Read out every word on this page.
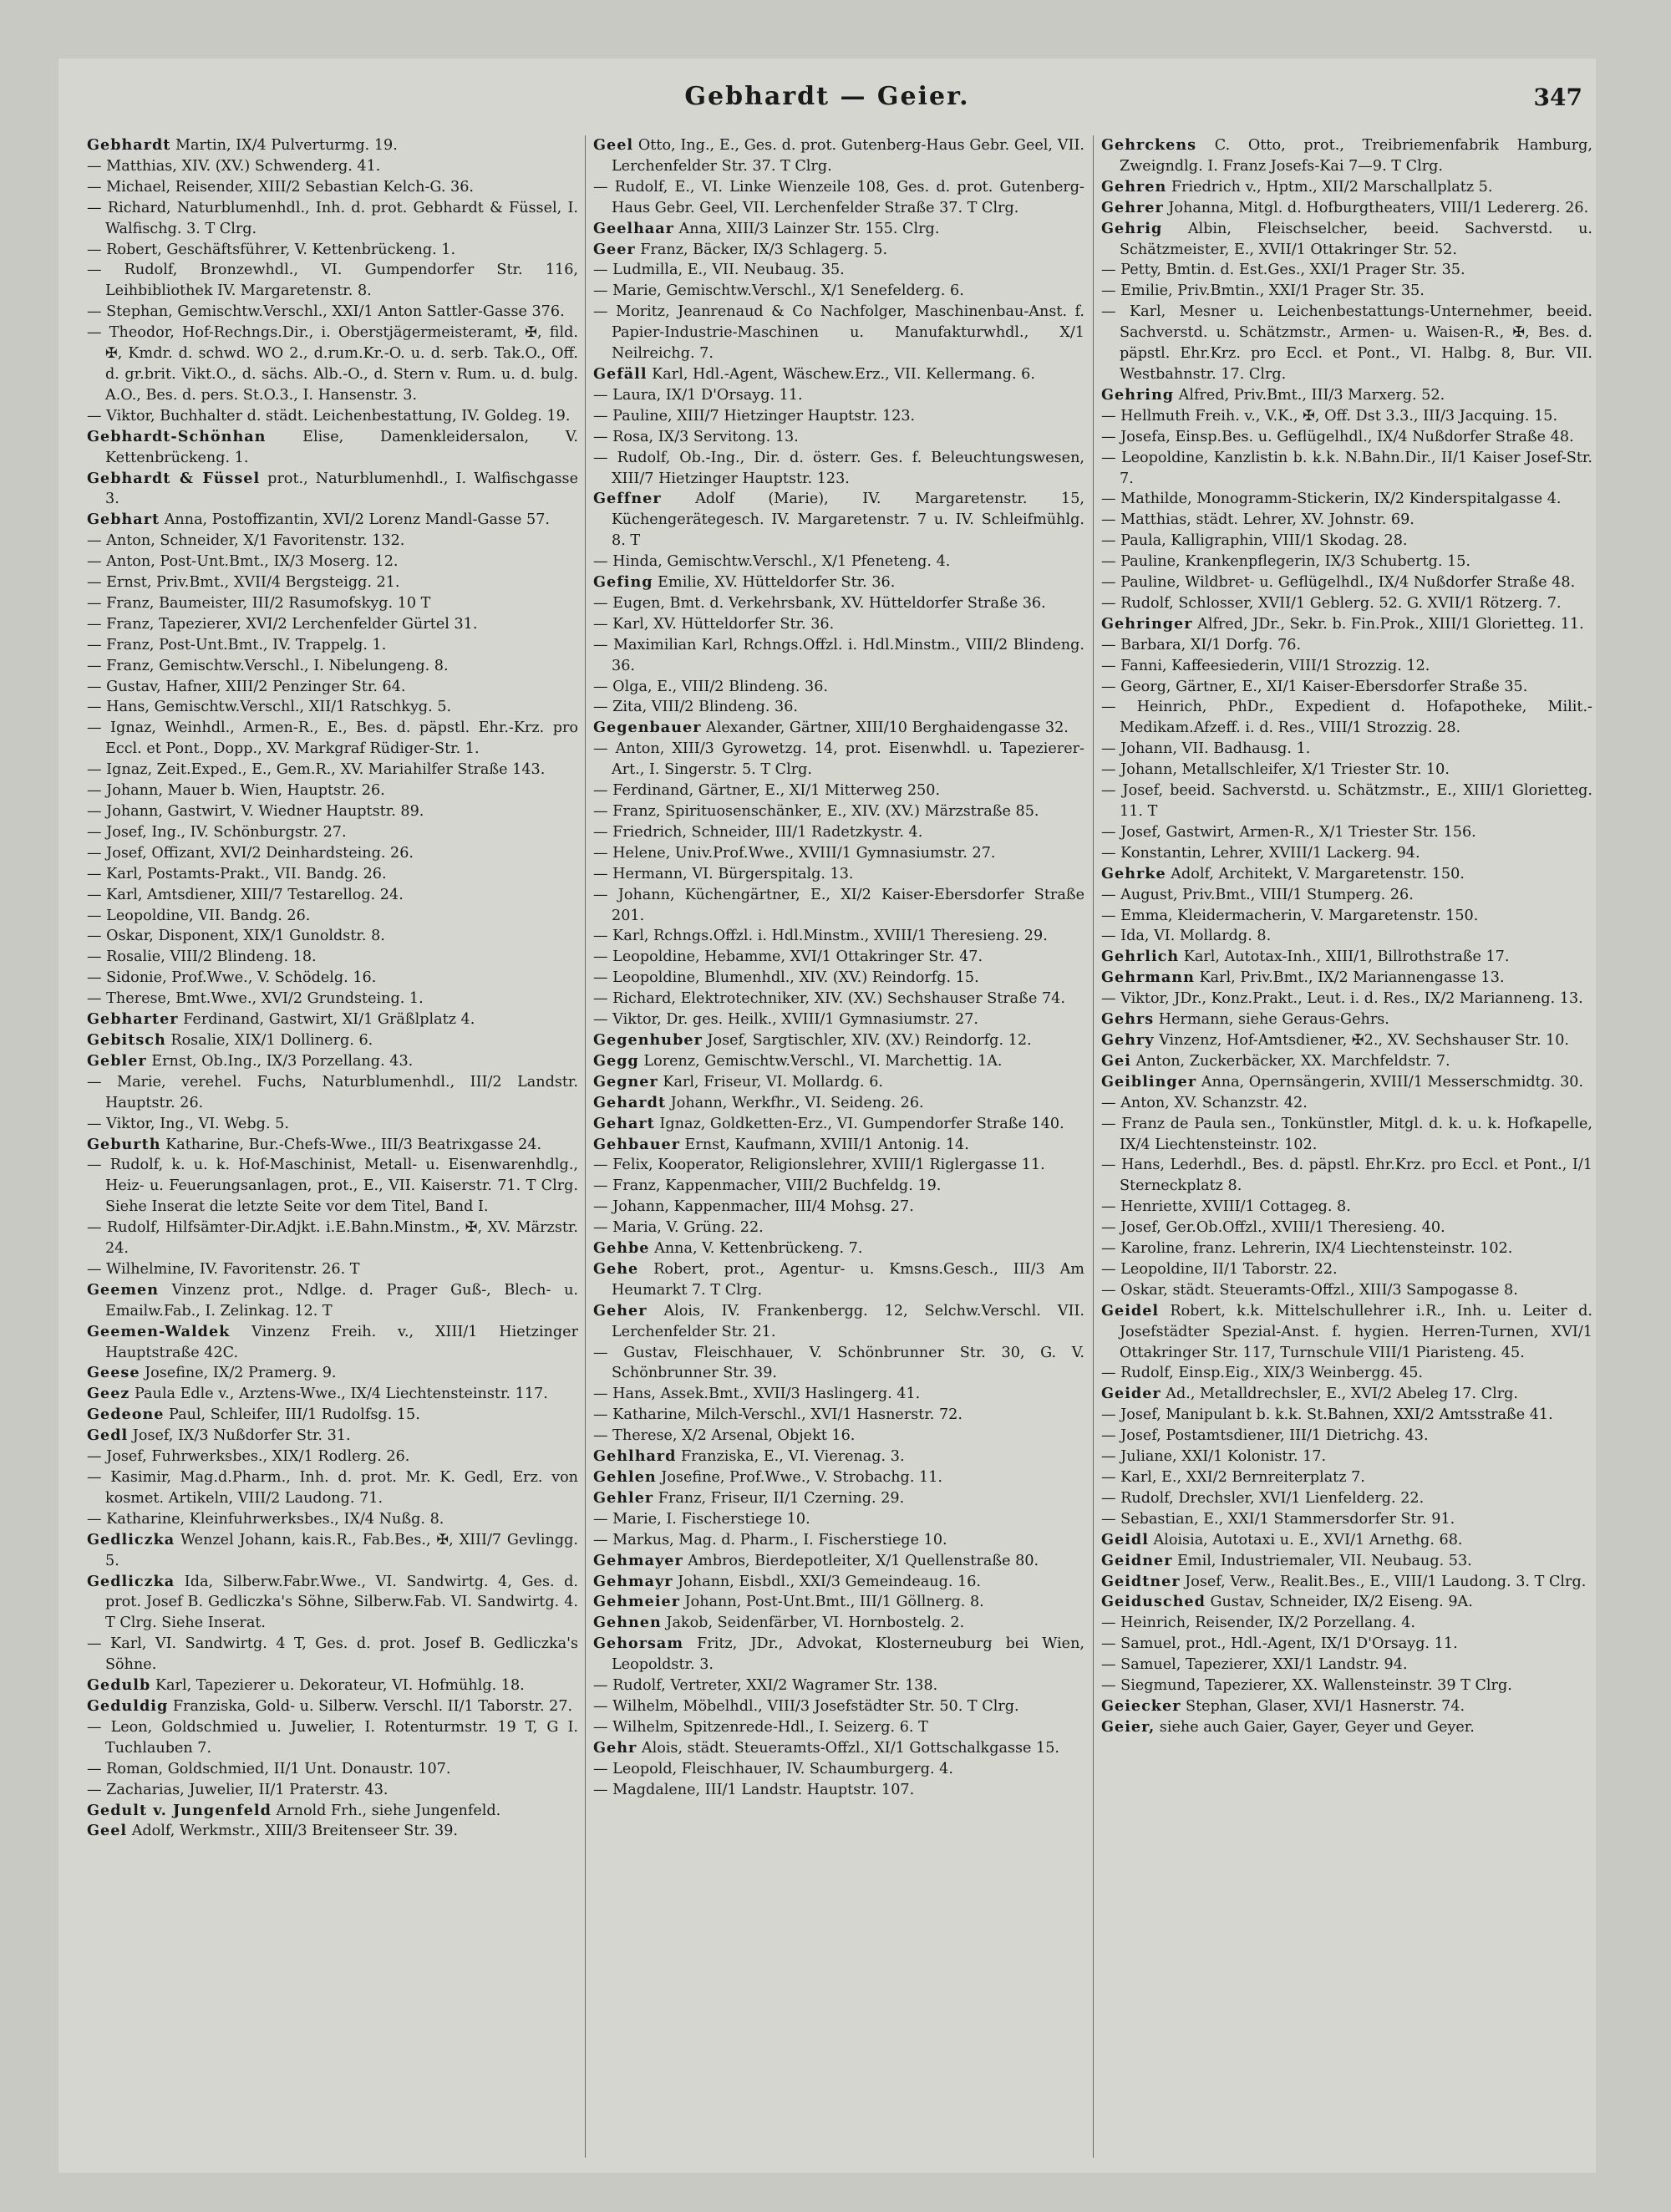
Gebhardt — Geier.	347

Gebhardt Martin, IX/4 Pulverturmg. 19.

— Matthias, XIV. (XV.) Schwenderg. 41.

— Michael, Reisender, XIII/2 Sebastian Kelch-G. 36.

— Richard, Naturblumenhdl., Inh. d. prot. Gebhardt & Füssel, I. Walfischg. 3. T Clrg.

— Robert, Geschäftsführer, V. Kettenbrückeng. 1.

— Rudolf, Bronzewhdl., VI. Gumpendorfer Str. 116, Leihbibliothek IV. Margaretenstr. 8.

— Stephan, Gemischtw.Verschl., XXI/1 Anton Sattler-Gasse 376.

— Theodor, Hof-Rechngs.Dir., i. Oberstjägermeisteramt, ✠, fild. ✠, Kmdr. d. schwd. WO 2., d.rum.Kr.-O. u. d. serb. Tak.O., Off. d. gr.brit. Vikt.O., d. sächs. Alb.-O., d. Stern v. Rum. u. d. bulg. A.O., Bes. d. pers. St.O.3., I. Hansenstr. 3.

— Viktor, Buchhalter d. städt. Leichenbestattung, IV. Goldeg. 19.

Gebhardt-Schönhan Elise, Damenkleidersalon, V. Kettenbrückeng. 1.

Gebhardt & Füssel prot., Naturblumenhdl., I. Walfischgasse 3.

Gebhart Anna, Postoffizantin, XVI/2 Lorenz Mandl-Gasse 57.

— Anton, Schneider, X/1 Favoritenstr. 132.

— Anton, Post-Unt.Bmt., IX/3 Moserg. 12.

— Ernst, Priv.Bmt., XVII/4 Bergsteigg. 21.

— Franz, Baumeister, III/2 Rasumofskyg. 10 T

— Franz, Tapezierer, XVI/2 Lerchenfelder Gürtel 31.

— Franz, Post-Unt.Bmt., IV. Trappelg. 1.

— Franz, Gemischtw.Verschl., I. Nibelungeng. 8.

— Gustav, Hafner, XIII/2 Penzinger Str. 64.

— Hans, Gemischtw.Verschl., XII/1 Ratschkyg. 5.

— Ignaz, Weinhdl., Armen-R., E., Bes. d. päpstl. Ehr.-Krz. pro Eccl. et Pont., Dopp., XV. Markgraf Rüdiger-Str. 1.

— Ignaz, Zeit.Exped., E., Gem.R., XV. Mariahilfer Straße 143.

— Johann, Mauer b. Wien, Hauptstr. 26.

— Johann, Gastwirt, V. Wiedner Hauptstr. 89.

— Josef, Ing., IV. Schönburgstr. 27.

— Josef, Offizant, XVI/2 Deinhardsteing. 26.

— Karl, Postamts-Prakt., VII. Bandg. 26.

— Karl, Amtsdiener, XIII/7 Testarellog. 24.

— Leopoldine, VII. Bandg. 26.

— Oskar, Disponent, XIX/1 Gunoldstr. 8.

— Rosalie, VIII/2 Blindeng. 18.

— Sidonie, Prof.Wwe., V. Schödelg. 16.

— Therese, Bmt.Wwe., XVI/2 Grundsteing. 1.

Gebharter Ferdinand, Gastwirt, XI/1 Gräßlplatz 4.

Gebitsch Rosalie, XIX/1 Dollinerg. 6.

Gebler Ernst, Ob.Ing., IX/3 Porzellang. 43.

— Marie, verehel. Fuchs, Naturblumenhdl., III/2 Landstr. Hauptstr. 26.

— Viktor, Ing., VI. Webg. 5.

Geburth Katharine, Bur.-Chefs-Wwe., III/3 Beatrixgasse 24.

— Rudolf, k. u. k. Hof-Maschinist, Metall- u. Eisenwarenhdlg., Heiz- u. Feuerungsanlagen, prot., E., VII. Kaiserstr. 71. T Clrg. Siehe Inserat die letzte Seite vor dem Titel, Band I.

— Rudolf, Hilfsämter-Dir.Adjkt. i.E.Bahn.Minstm., ✠, XV. Märzstr. 24.

— Wilhelmine, IV. Favoritenstr. 26. T

Geemen Vinzenz prot., Ndlge. d. Prager Guß-, Blech- u. Emailw.Fab., I. Zelinkag. 12. T

Geemen-Waldek Vinzenz Freih. v., XIII/1 Hietzinger Hauptstraße 42C.

Geese Josefine, IX/2 Pramerg. 9.

Geez Paula Edle v., Arztens-Wwe., IX/4 Liechtensteinstr. 117.

Gedeone Paul, Schleifer, III/1 Rudolfsg. 15.

Gedl Josef, IX/3 Nußdorfer Str. 31.

— Josef, Fuhrwerksbes., XIX/1 Rodlerg. 26.

— Kasimir, Mag.d.Pharm., Inh. d. prot. Mr. K. Gedl, Erz. von kosmet. Artikeln, VIII/2 Laudong. 71.

— Katharine, Kleinfuhrwerksbes., IX/4 Nußg. 8.

Gedliczka Wenzel Johann, kais.R., Fab.Bes., ✠, XIII/7 Gevlingg. 5.

Gedliczka Ida, Silberw.Fabr.Wwe., VI. Sandwirtg. 4, Ges. d. prot. Josef B. Gedliczka's Söhne, Silberw.Fab. VI. Sandwirtg. 4. T Clrg. Siehe Inserat.

— Karl, VI. Sandwirtg. 4 T, Ges. d. prot. Josef B. Gedliczka's Söhne.

Gedulb Karl, Tapezierer u. Dekorateur, VI. Hofmühlg. 18.

Geduldig Franziska, Gold- u. Silberw. Verschl. II/1 Taborstr. 27.

— Leon, Goldschmied u. Juwelier, I. Rotenturmstr. 19 T, G I. Tuchlauben 7.

— Roman, Goldschmied, II/1 Unt. Donaustr. 107.

— Zacharias, Juwelier, II/1 Praterstr. 43.

Gedult v. Jungenfeld Arnold Frh., siehe Jungenfeld.

Geel Adolf, Werkmstr., XIII/3 Breitenseer Str. 39.

Geel Otto, Ing., E., Ges. d. prot. Gutenberg-Haus Gebr. Geel, VII. Lerchenfelder Str. 37. T Clrg.

— Rudolf, E., VI. Linke Wienzeile 108, Ges. d. prot. Gutenberg-Haus Gebr. Geel, VII. Lerchenfelder Straße 37. T Clrg.

Geelhaar Anna, XIII/3 Lainzer Str. 155. Clrg.

Geer Franz, Bäcker, IX/3 Schlagerg. 5.

— Ludmilla, E., VII. Neubaug. 35.

— Marie, Gemischtw.Verschl., X/1 Senefelderg. 6.

— Moritz, Jeanrenaud & Co Nachfolger, Maschinenbau-Anst. f. Papier-Industrie-Maschinen u. Manufakturwhdl., X/1 Neilreichg. 7.

Gefäll Karl, Hdl.-Agent, Wäschew.Erz., VII. Kellermang. 6.

— Laura, IX/1 D'Orsayg. 11.

— Pauline, XIII/7 Hietzinger Hauptstr. 123.

— Rosa, IX/3 Servitong. 13.

— Rudolf, Ob.-Ing., Dir. d. österr. Ges. f. Beleuchtungswesen, XIII/7 Hietzinger Hauptstr. 123.

Geffner Adolf (Marie), IV. Margaretenstr. 15, Küchengerätegesch. IV. Margaretenstr. 7 u. IV. Schleifmühlg. 8. T

— Hinda, Gemischtw.Verschl., X/1 Pfeneteng. 4.

Gefing Emilie, XV. Hütteldorfer Str. 36.

— Eugen, Bmt. d. Verkehrsbank, XV. Hütteldorfer Straße 36.

— Karl, XV. Hütteldorfer Str. 36.

— Maximilian Karl, Rchngs.Offzl. i. Hdl.Minstm., VIII/2 Blindeng. 36.

— Olga, E., VIII/2 Blindeng. 36.

— Zita, VIII/2 Blindeng. 36.

Gegenbauer Alexander, Gärtner, XIII/10 Berghaidengasse 32.

— Anton, XIII/3 Gyrowetzg. 14, prot. Eisenwhdl. u. Tapezierer-Art., I. Singerstr. 5. T Clrg.

— Ferdinand, Gärtner, E., XI/1 Mitterweg 250.

— Franz, Spirituosenschänker, E., XIV. (XV.) Märzstraße 85.

— Friedrich, Schneider, III/1 Radetzkystr. 4.

— Helene, Univ.Prof.Wwe., XVIII/1 Gymnasiumstr. 27.

— Hermann, VI. Bürgerspitalg. 13.

— Johann, Küchengärtner, E., XI/2 Kaiser-Ebersdorfer Straße 201.

— Karl, Rchngs.Offzl. i. Hdl.Minstm., XVIII/1 Theresieng. 29.

— Leopoldine, Hebamme, XVI/1 Ottakringer Str. 47.

— Leopoldine, Blumenhdl., XIV. (XV.) Reindorfg. 15.

— Richard, Elektrotechniker, XIV. (XV.) Sechshauser Straße 74.

— Viktor, Dr. ges. Heilk., XVIII/1 Gymnasiumstr. 27.

Gegenhuber Josef, Sargtischler, XIV. (XV.) Reindorfg. 12.

Gegg Lorenz, Gemischtw.Verschl., VI. Marchettig. 1A.

Gegner Karl, Friseur, VI. Mollardg. 6.

Gehardt Johann, Werkfhr., VI. Seideng. 26.

Gehart Ignaz, Goldketten-Erz., VI. Gumpendorfer Straße 140.

Gehbauer Ernst, Kaufmann, XVIII/1 Antonig. 14.

— Felix, Kooperator, Religionslehrer, XVIII/1 Riglergasse 11.

— Franz, Kappenmacher, VIII/2 Buchfeldg. 19.

— Johann, Kappenmacher, III/4 Mohsg. 27.

— Maria, V. Grüng. 22.

Gehbe Anna, V. Kettenbrückeng. 7.

Gehe Robert, prot., Agentur- u. Kmsns.Gesch., III/3 Am Heumarkt 7. T Clrg.

Geher Alois, IV. Frankenbergg. 12, Selchw.Verschl. VII. Lerchenfelder Str. 21.

— Gustav, Fleischhauer, V. Schönbrunner Str. 30, G. V. Schönbrunner Str. 39.

— Hans, Assek.Bmt., XVII/3 Haslingerg. 41.

— Katharine, Milch-Verschl., XVI/1 Hasnerstr. 72.

— Therese, X/2 Arsenal, Objekt 16.

Gehlhard Franziska, E., VI. Vierenag. 3.

Gehlen Josefine, Prof.Wwe., V. Strobachg. 11.

Gehler Franz, Friseur, II/1 Czerning. 29.

— Marie, I. Fischerstiege 10.

— Markus, Mag. d. Pharm., I. Fischerstiege 10.

Gehmayer Ambros, Bierdepotleiter, X/1 Quellenstraße 80.

Gehmayr Johann, Eisbdl., XXI/3 Gemeindeaug. 16.

Gehmeier Johann, Post-Unt.Bmt., III/1 Göllnerg. 8.

Gehnen Jakob, Seidenfärber, VI. Hornbostelg. 2.

Gehorsam Fritz, JDr., Advokat, Klosterneuburg bei Wien, Leopoldstr. 3.

— Rudolf, Vertreter, XXI/2 Wagramer Str. 138.

— Wilhelm, Möbelhdl., VIII/3 Josefstädter Str. 50. T Clrg.

— Wilhelm, Spitzenrede-Hdl., I. Seizerg. 6. T

Gehr Alois, städt. Steueramts-Offzl., XI/1 Gottschalkgasse 15.

— Leopold, Fleischhauer, IV. Schaumburgerg. 4.

— Magdalene, III/1 Landstr. Hauptstr. 107.

Gehrckens C. Otto, prot., Treibriemenfabrik Hamburg, Zweigndlg. I. Franz Josefs-Kai 7—9. T Clrg.

Gehren Friedrich v., Hptm., XII/2 Marschallplatz 5.

Gehrer Johanna, Mitgl. d. Hofburgtheaters, VIII/1 Ledererg. 26.

Gehrig Albin, Fleischselcher, beeid. Sachverstd. u. Schätzmeister, E., XVII/1 Ottakringer Str. 52.

— Petty, Bmtin. d. Est.Ges., XXI/1 Prager Str. 35.

— Emilie, Priv.Bmtin., XXI/1 Prager Str. 35.

— Karl, Mesner u. Leichenbestattungs-Unternehmer, beeid. Sachverstd. u. Schätzmstr., Armen- u. Waisen-R., ✠, Bes. d. päpstl. Ehr.Krz. pro Eccl. et Pont., VI. Halbg. 8, Bur. VII. Westbahnstr. 17. Clrg.

Gehring Alfred, Priv.Bmt., III/3 Marxerg. 52.

— Hellmuth Freih. v., V.K., ✠, Off. Dst 3.3., III/3 Jacquing. 15.

— Josefa, Einsp.Bes. u. Geflügelhdl., IX/4 Nußdorfer Straße 48.

— Leopoldine, Kanzlistin b. k.k. N.Bahn.Dir., II/1 Kaiser Josef-Str. 7.

— Mathilde, Monogramm-Stickerin, IX/2 Kinderspitalgasse 4.

— Matthias, städt. Lehrer, XV. Johnstr. 69.

— Paula, Kalligraphin, VIII/1 Skodag. 28.

— Pauline, Krankenpflegerin, IX/3 Schubertg. 15.

— Pauline, Wildbret- u. Geflügelhdl., IX/4 Nußdorfer Straße 48.

— Rudolf, Schlosser, XVII/1 Geblerg. 52. G. XVII/1 Rötzerg. 7.

Gehringer Alfred, JDr., Sekr. b. Fin.Prok., XIII/1 Glorietteg. 11.

— Barbara, XI/1 Dorfg. 76.

— Fanni, Kaffeesiederin, VIII/1 Strozzig. 12.

— Georg, Gärtner, E., XI/1 Kaiser-Ebersdorfer Straße 35.

— Heinrich, PhDr., Expedient d. Hofapotheke, Milit.-Medikam.Afzeff. i. d. Res., VIII/1 Strozzig. 28.

— Johann, VII. Badhausg. 1.

— Johann, Metallschleifer, X/1 Triester Str. 10.

— Josef, beeid. Sachverstd. u. Schätzmstr., E., XIII/1 Glorietteg. 11. T

— Josef, Gastwirt, Armen-R., X/1 Triester Str. 156.

— Konstantin, Lehrer, XVIII/1 Lackerg. 94.

Gehrke Adolf, Architekt, V. Margaretenstr. 150.

— August, Priv.Bmt., VIII/1 Stumperg. 26.

— Emma, Kleidermacherin, V. Margaretenstr. 150.

— Ida, VI. Mollardg. 8.

Gehrlich Karl, Autotax-Inh., XIII/1, Billrothstraße 17.

Gehrmann Karl, Priv.Bmt., IX/2 Mariannengasse 13.

— Viktor, JDr., Konz.Prakt., Leut. i. d. Res., IX/2 Marianneng. 13.

Gehrs Hermann, siehe Geraus-Gehrs.

Gehry Vinzenz, Hof-Amtsdiener, ✠2., XV. Sechshauser Str. 10.

Gei Anton, Zuckerbäcker, XX. Marchfeldstr. 7.

Geiblinger Anna, Opernsängerin, XVIII/1 Messerschmidtg. 30.

— Anton, XV. Schanzstr. 42.

— Franz de Paula sen., Tonkünstler, Mitgl. d. k. u. k. Hofkapelle, IX/4 Liechtensteinstr. 102.

— Hans, Lederhdl., Bes. d. päpstl. Ehr.Krz. pro Eccl. et Pont., I/1 Sterneckplatz 8.

— Henriette, XVIII/1 Cottageg. 8.

— Josef, Ger.Ob.Offzl., XVIII/1 Theresieng. 40.

— Karoline, franz. Lehrerin, IX/4 Liechtensteinstr. 102.

— Leopoldine, II/1 Taborstr. 22.

— Oskar, städt. Steueramts-Offzl., XIII/3 Sampogasse 8.

Geidel Robert, k.k. Mittelschullehrer i.R., Inh. u. Leiter d. Josefstädter Spezial-Anst. f. hygien. Herren-Turnen, XVI/1 Ottakringer Str. 117, Turnschule VIII/1 Piaristeng. 45.

— Rudolf, Einsp.Eig., XIX/3 Weinbergg. 45.

Geider Ad., Metalldrechsler, E., XVI/2 Abeleg 17. Clrg.

— Josef, Manipulant b. k.k. St.Bahnen, XXI/2 Amtsstraße 41.

— Josef, Postamtsdiener, III/1 Dietrichg. 43.

— Juliane, XXI/1 Kolonistr. 17.

— Karl, E., XXI/2 Bernreiterplatz 7.

— Rudolf, Drechsler, XVI/1 Lienfelderg. 22.

— Sebastian, E., XXI/1 Stammersdorfer Str. 91.

Geidl Aloisia, Autotaxi u. E., XVI/1 Arnethg. 68.

Geidner Emil, Industriemaler, VII. Neubaug. 53.

Geidtner Josef, Verw., Realit.Bes., E., VIII/1 Laudong. 3. T Clrg.

Geidusched Gustav, Schneider, IX/2 Eiseng. 9A.

— Heinrich, Reisender, IX/2 Porzellang. 4.

— Samuel, prot., Hdl.-Agent, IX/1 D'Orsayg. 11.

— Samuel, Tapezierer, XXI/1 Landstr. 94.

— Siegmund, Tapezierer, XX. Wallensteinstr. 39 T Clrg.

Geiecker Stephan, Glaser, XVI/1 Hasnerstr. 74.

Geier, siehe auch Gaier, Gayer, Geyer und Geyer.
